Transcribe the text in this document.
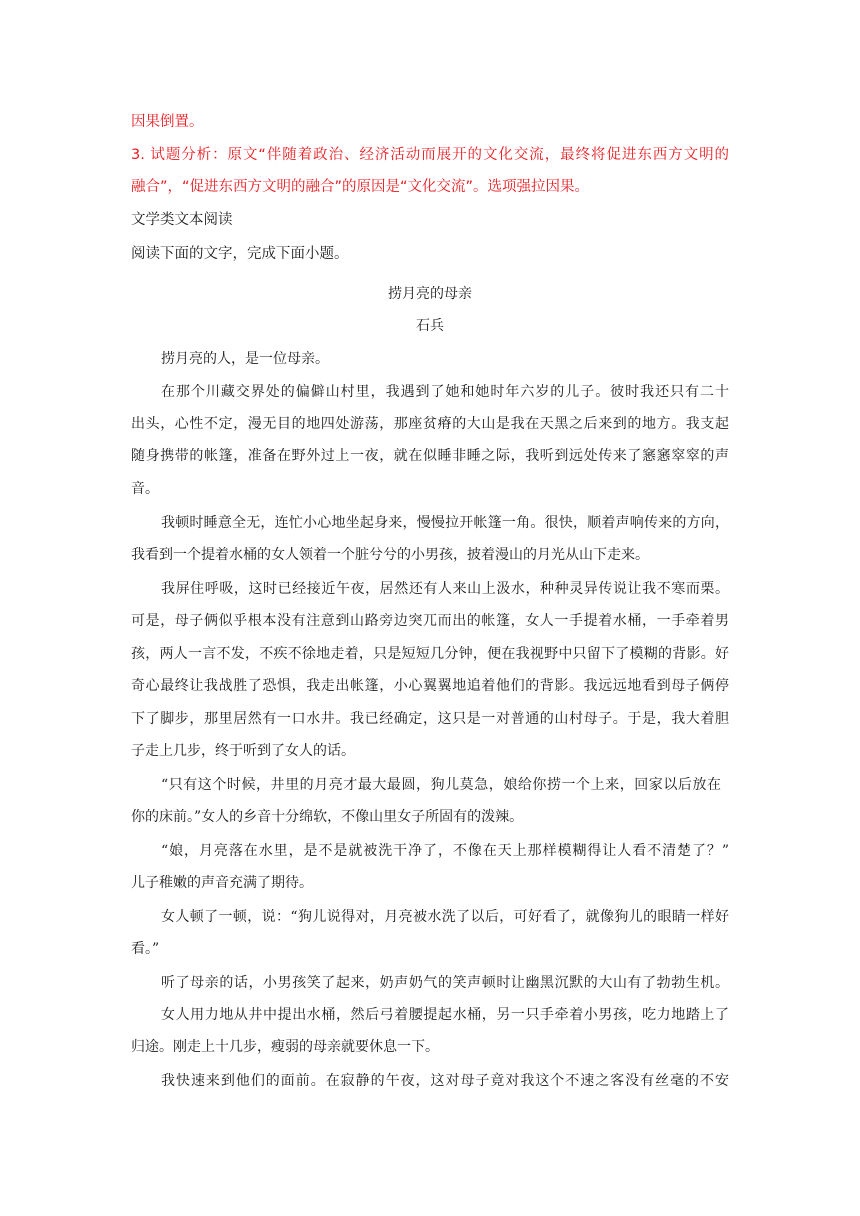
因果倒置。
3. 试题分析：原文“伴随着政治、经济活动而展开的文化交流，最终将促进东西方文明的
融合”，“促进东西方文明的融合”的原因是“文化交流”。选项强拉因果。
文学类文本阅读
阅读下面的文字，完成下面小题。
捞月亮的母亲
石兵
捞月亮的人，是一位母亲。
在那个川藏交界处的偏僻山村里，我遇到了她和她时年六岁的儿子。彼时我还只有二十
出头，心性不定，漫无目的地四处游荡，那座贫瘠的大山是我在天黑之后来到的地方。我支起
随身携带的帐篷，准备在野外过上一夜，就在似睡非睡之际，我听到远处传来了窸窸窣窣的声
音。
我顿时睡意全无，连忙小心地坐起身来，慢慢拉开帐篷一角。很快，顺着声响传来的方向，
我看到一个提着水桶的女人领着一个脏兮兮的小男孩，披着漫山的月光从山下走来。
我屏住呼吸，这时已经接近午夜，居然还有人来山上汲水，种种灵异传说让我不寒而栗。
可是，母子俩似乎根本没有注意到山路旁边突兀而出的帐篷，女人一手提着水桶，一手牵着男
孩，两人一言不发，不疾不徐地走着，只是短短几分钟，便在我视野中只留下了模糊的背影。好
奇心最终让我战胜了恐惧，我走出帐篷，小心翼翼地追着他们的背影。我远远地看到母子俩停
下了脚步，那里居然有一口水井。我已经确定，这只是一对普通的山村母子。于是，我大着胆
子走上几步，终于听到了女人的话。
“只有这个时候，井里的月亮才最大最圆，狗儿莫急，娘给你捞一个上来，回家以后放在
你的床前。”女人的乡音十分绵软，不像山里女子所固有的泼辣。
“娘，月亮落在水里，是不是就被洗干净了，不像在天上那样模糊得让人看不清楚了？”
儿子稚嫩的声音充满了期待。
女人顿了一顿，说：“狗儿说得对，月亮被水洗了以后，可好看了，就像狗儿的眼睛一样好
看。”
听了母亲的话，小男孩笑了起来，奶声奶气的笑声顿时让幽黑沉默的大山有了勃勃生机。
女人用力地从井中提出水桶，然后弓着腰提起水桶，另一只手牵着小男孩，吃力地踏上了
归途。刚走上十几步，瘦弱的母亲就要休息一下。
我快速来到他们的面前。在寂静的午夜，这对母子竟对我这个不速之客没有丝毫的不安
